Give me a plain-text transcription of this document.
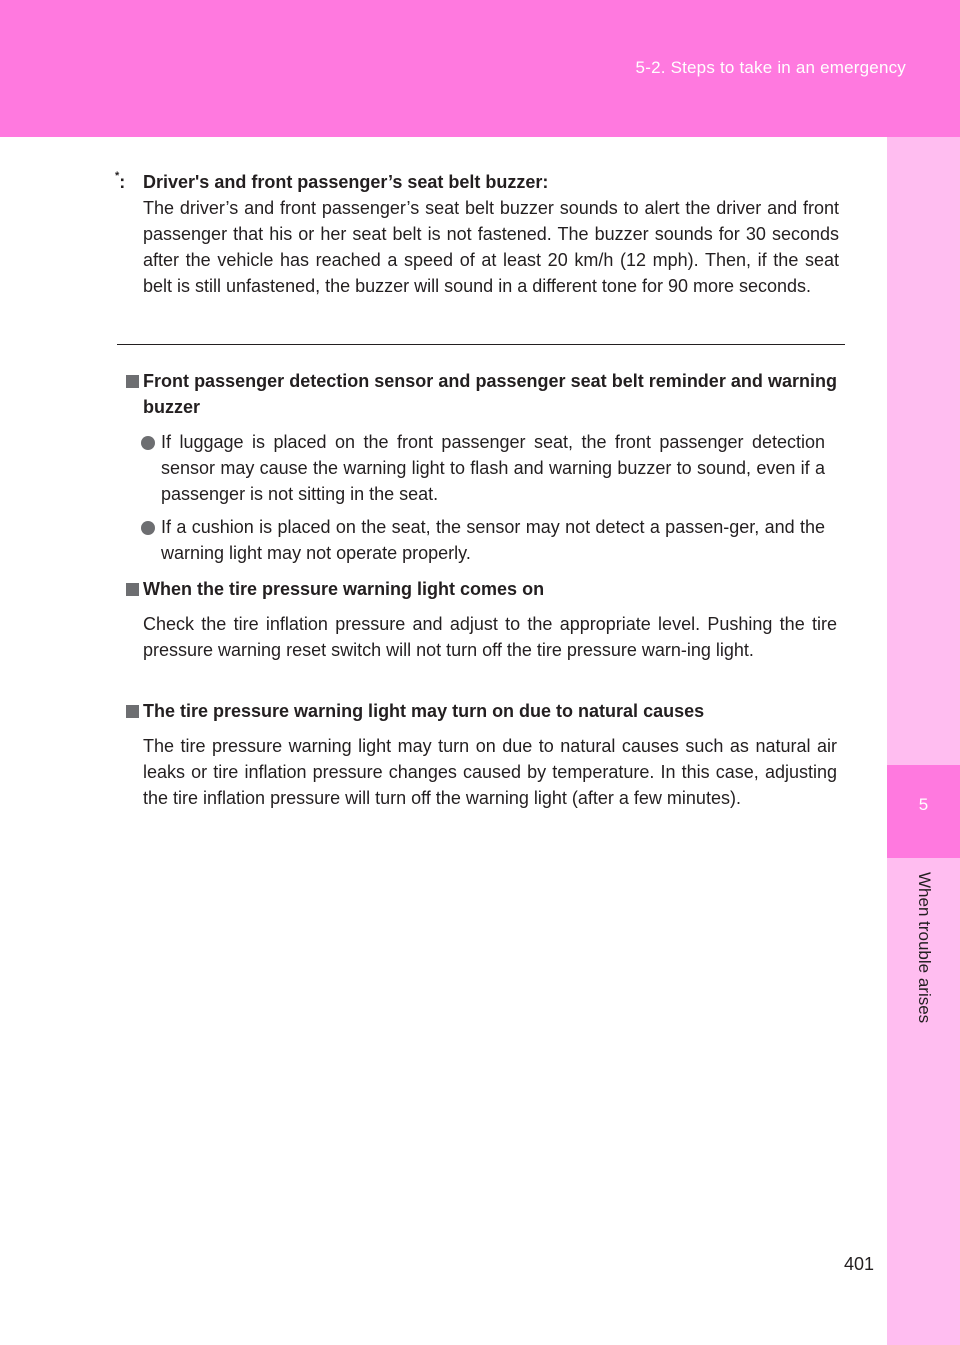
5-2. Steps to take in an emergency
5
When trouble arises
*: Driver's and front passenger’s seat belt buzzer:

The driver’s and front passenger’s seat belt buzzer sounds to alert the driver and front passenger that his or her seat belt is not fastened. The buzzer sounds for 30 seconds after the vehicle has reached a speed of at least 20 km/h (12 mph). Then, if the seat belt is still unfastened, the buzzer will sound in a different tone for 90 more seconds.

Front passenger detection sensor and passenger seat belt reminder and warning buzzer

If luggage is placed on the front passenger seat, the front passenger detection sensor may cause the warning light to flash and warning buzzer to sound, even if a passenger is not sitting in the seat.

If a cushion is placed on the seat, the sensor may not detect a passen-ger, and the warning light may not operate properly.

When the tire pressure warning light comes on

Check the tire inflation pressure and adjust to the appropriate level. Pushing the tire pressure warning reset switch will not turn off the tire pressure warn-ing light.

The tire pressure warning light may turn on due to natural causes

The tire pressure warning light may turn on due to natural causes such as natural air leaks or tire inflation pressure changes caused by temperature. In this case, adjusting the tire inflation pressure will turn off the warning light (after a few minutes).

401
